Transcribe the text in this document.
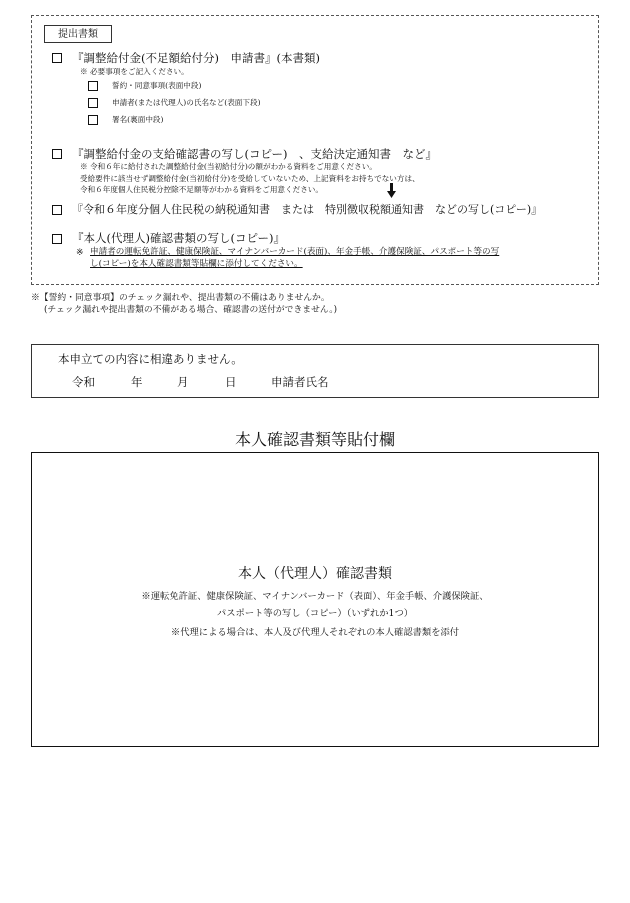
提出書類
『調整給付金(不足額給付分)　申請書』(本書類)
※ 必要事項をご記入ください。
誓約・同意事項(表面中段)
申請者(または代理人)の氏名など(表面下段)
署名(裏面中段)
『調整給付金の支給確認書の写し(コピー)　、支給決定通知書　など』
※ 令和６年に給付された調整給付金(当初給付分)の額がわかる資料をご用意ください。
受給要件に該当せず調整給付金(当初給付分)を受給していないため、上記資料をお持ちでない方は、
令和６年度個人住民税分控除不足額等がわかる資料をご用意ください。
『令和６年度分個人住民税の納税通知書　または　特別徴収税額通知書　などの写し(コピー)』
『本人(代理人)確認書類の写し(コピー)』
※ 申請者の運転免許証、健康保険証、マイナンバーカード(表面)、年金手帳、介護保険証、パスポート等の写
し(コピー)を本人確認書類等貼欄に添付してください。
※【誓約・同意事項】のチェック漏れや、提出書類の不備はありませんか。
(チェック漏れや提出書類の不備がある場合、確認書の送付ができません。)
本申立ての内容に相違ありません。
令和	年	月	日	申請者氏名
本人確認書類等貼付欄
本人（代理人）確認書類
※運転免許証、健康保険証、マイナンバーカード（表面）、年金手帳、介護保険証、
パスポート等の写し（コピー）（いずれか1つ）
※代理による場合は、本人及び代理人それぞれの本人確認書類を添付
